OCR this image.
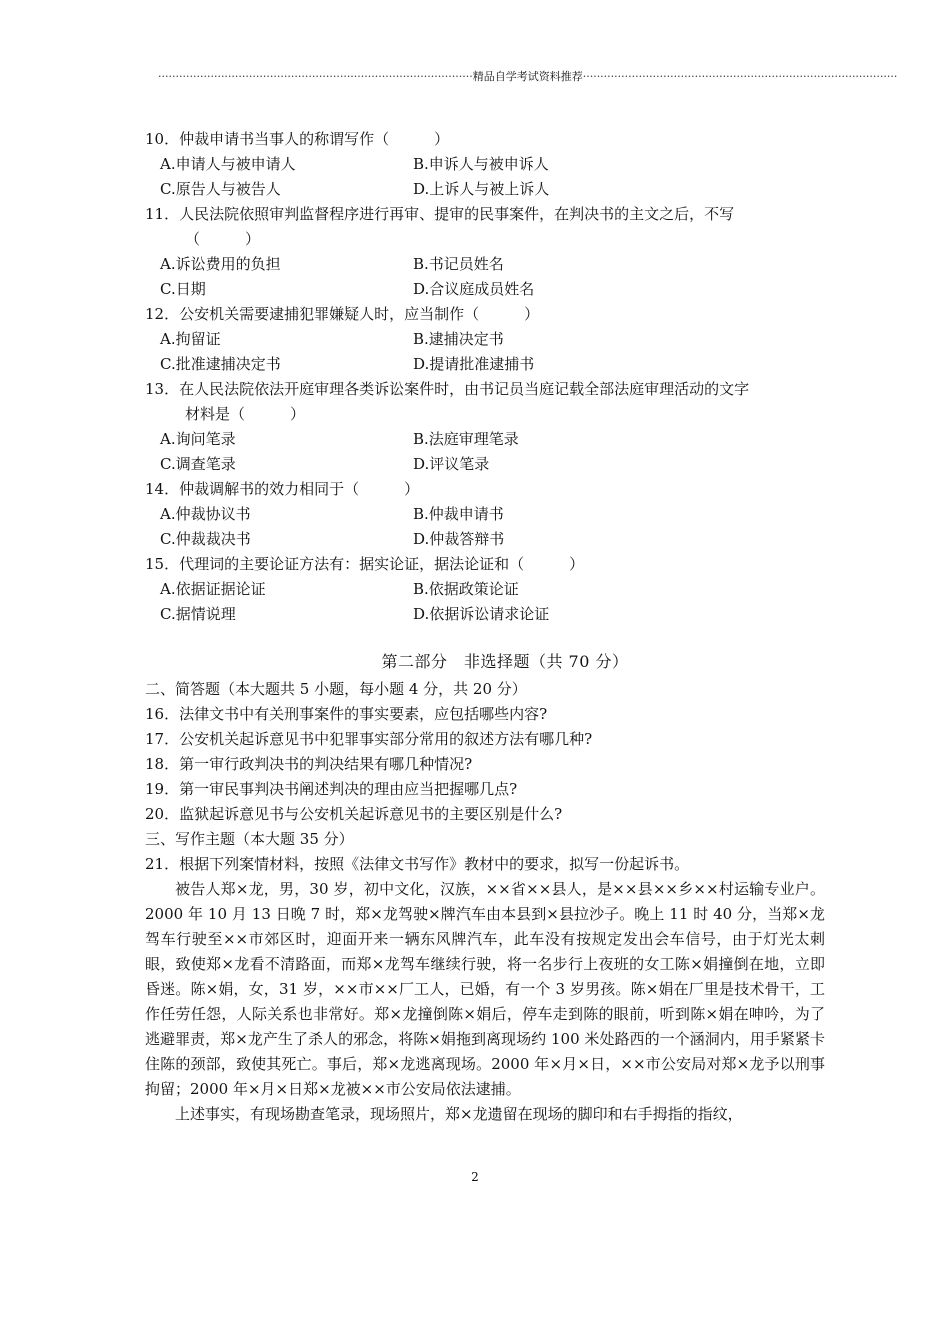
··························································································精品自学考试资料推荐··························································································
10．仲裁申请书当事人的称谓写作（　　　）
A.申请人与被申请人	B.申诉人与被申诉人
C.原告人与被告人	D.上诉人与被上诉人
11．人民法院依照审判监督程序进行再审、提审的民事案件，在判决书的主文之后，不写
（　　　）
A.诉讼费用的负担	B.书记员姓名
C.日期	D.合议庭成员姓名
12．公安机关需要逮捕犯罪嫌疑人时，应当制作（　　　）
A.拘留证	B.逮捕决定书
C.批准逮捕决定书	D.提请批准逮捕书
13．在人民法院依法开庭审理各类诉讼案件时，由书记员当庭记载全部法庭审理活动的文字
材料是（　　　）
A.询问笔录	B.法庭审理笔录
C.调查笔录	D.评议笔录
14．仲裁调解书的效力相同于（　　　）
A.仲裁协议书	B.仲裁申请书
C.仲裁裁决书	D.仲裁答辩书
15．代理词的主要论证方法有：据实论证，据法论证和（　　　）
A.依据证据论证	B.依据政策论证
C.据情说理	D.依据诉讼请求论证
第二部分　非选择题（共 70 分）
二、简答题（本大题共 5 小题，每小题 4 分，共 20 分）
16．法律文书中有关刑事案件的事实要素，应包括哪些内容?
17．公安机关起诉意见书中犯罪事实部分常用的叙述方法有哪几种?
18．第一审行政判决书的判决结果有哪几种情况?
19．第一审民事判决书阐述判决的理由应当把握哪几点?
20．监狱起诉意见书与公安机关起诉意见书的主要区别是什么?
三、写作主题（本大题 35 分）
21．根据下列案情材料，按照《法律文书写作》教材中的要求，拟写一份起诉书。
被告人郑×龙，男，30 岁，初中文化，汉族，××省××县人，是××县××乡××村运输专业户。2000 年 10 月 13 日晚 7 时，郑×龙驾驶×牌汽车由本县到×县拉沙子。晚上 11 时 40 分，当郑×龙驾车行驶至××市郊区时，迎面开来一辆东风牌汽车，此车没有按规定发出会车信号，由于灯光太刺眼，致使郑×龙看不清路面，而郑×龙驾车继续行驶，将一名步行上夜班的女工陈×娟撞倒在地，立即昏迷。陈×娟，女，31 岁，××市××厂工人，已婚，有一个 3 岁男孩。陈×娟在厂里是技术骨干，工作任劳任怨，人际关系也非常好。郑×龙撞倒陈×娟后，停车走到陈的眼前，听到陈×娟在呻吟，为了逃避罪责，郑×龙产生了杀人的邪念，将陈×娟拖到离现场约 100 米处路西的一个涵洞内，用手紧紧卡住陈的颈部，致使其死亡。事后，郑×龙逃离现场。2000 年×月×日，××市公安局对郑×龙予以刑事拘留；2000 年×月×日郑×龙被××市公安局依法逮捕。
上述事实，有现场勘查笔录，现场照片，郑×龙遗留在现场的脚印和右手拇指的指纹，
2
